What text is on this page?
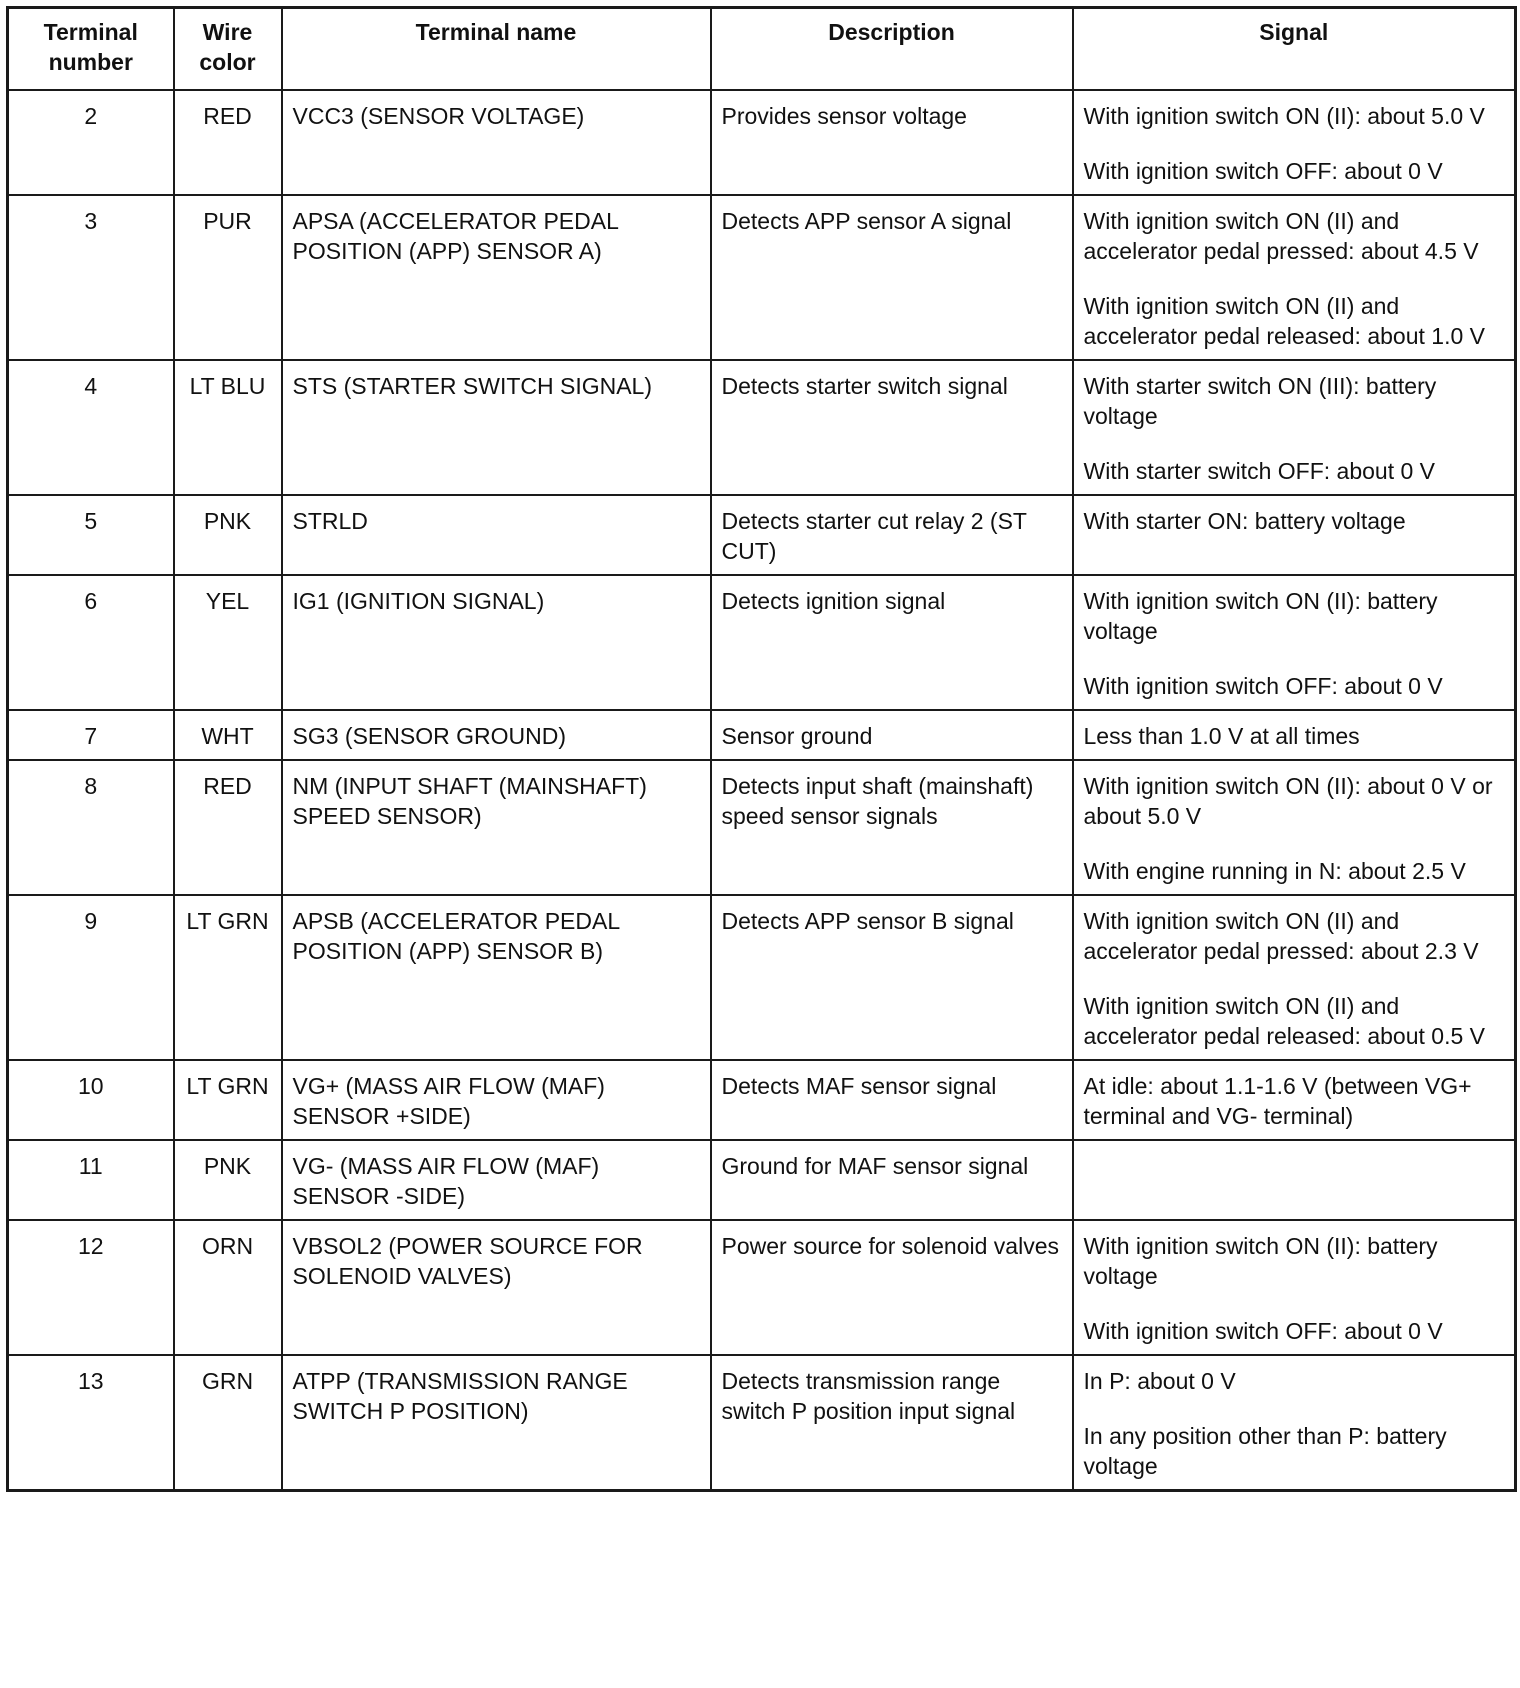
Terminal number	Wire color	Terminal name	Description	Signal
2	RED	VCC3 (SENSOR VOLTAGE)	Provides sensor voltage	With ignition switch ON (II): about 5.0 V
With ignition switch OFF: about 0 V

3	PUR	APSA (ACCELERATOR PEDAL POSITION (APP) SENSOR A)	Detects APP sensor A signal	With ignition switch ON (II) and accelerator pedal pressed: about 4.5 V
With ignition switch ON (II) and accelerator pedal released: about 1.0 V

4	LT BLU	STS (STARTER SWITCH SIGNAL)	Detects starter switch signal	With starter switch ON (III): battery voltage
With starter switch OFF: about 0 V

5	PNK	STRLD	Detects starter cut relay 2 (ST CUT)	With starter ON: battery voltage

6	YEL	IG1 (IGNITION SIGNAL)	Detects ignition signal	With ignition switch ON (II): battery voltage
With ignition switch OFF: about 0 V

7	WHT	SG3 (SENSOR GROUND)	Sensor ground	Less than 1.0 V at all times

8	RED	NM (INPUT SHAFT (MAINSHAFT) SPEED SENSOR)	Detects input shaft (mainshaft) speed sensor signals	With ignition switch ON (II): about 0 V or about 5.0 V
With engine running in N: about 2.5 V

9	LT GRN	APSB (ACCELERATOR PEDAL POSITION (APP) SENSOR B)	Detects APP sensor B signal	With ignition switch ON (II) and accelerator pedal pressed: about 2.3 V
With ignition switch ON (II) and accelerator pedal released: about 0.5 V

10	LT GRN	VG+ (MASS AIR FLOW (MAF) SENSOR +SIDE)	Detects MAF sensor signal	At idle: about 1.1-1.6 V (between VG+ terminal and VG- terminal)

11	PNK	VG- (MASS AIR FLOW (MAF) SENSOR -SIDE)	Ground for MAF sensor signal	
12	ORN	VBSOL2 (POWER SOURCE FOR SOLENOID VALVES)	Power source for solenoid valves	With ignition switch ON (II): battery voltage
With ignition switch OFF: about 0 V

13	GRN	ATPP (TRANSMISSION RANGE SWITCH P POSITION)	Detects transmission range switch P position input signal	In P: about 0 V
In any position other than P: battery voltage
